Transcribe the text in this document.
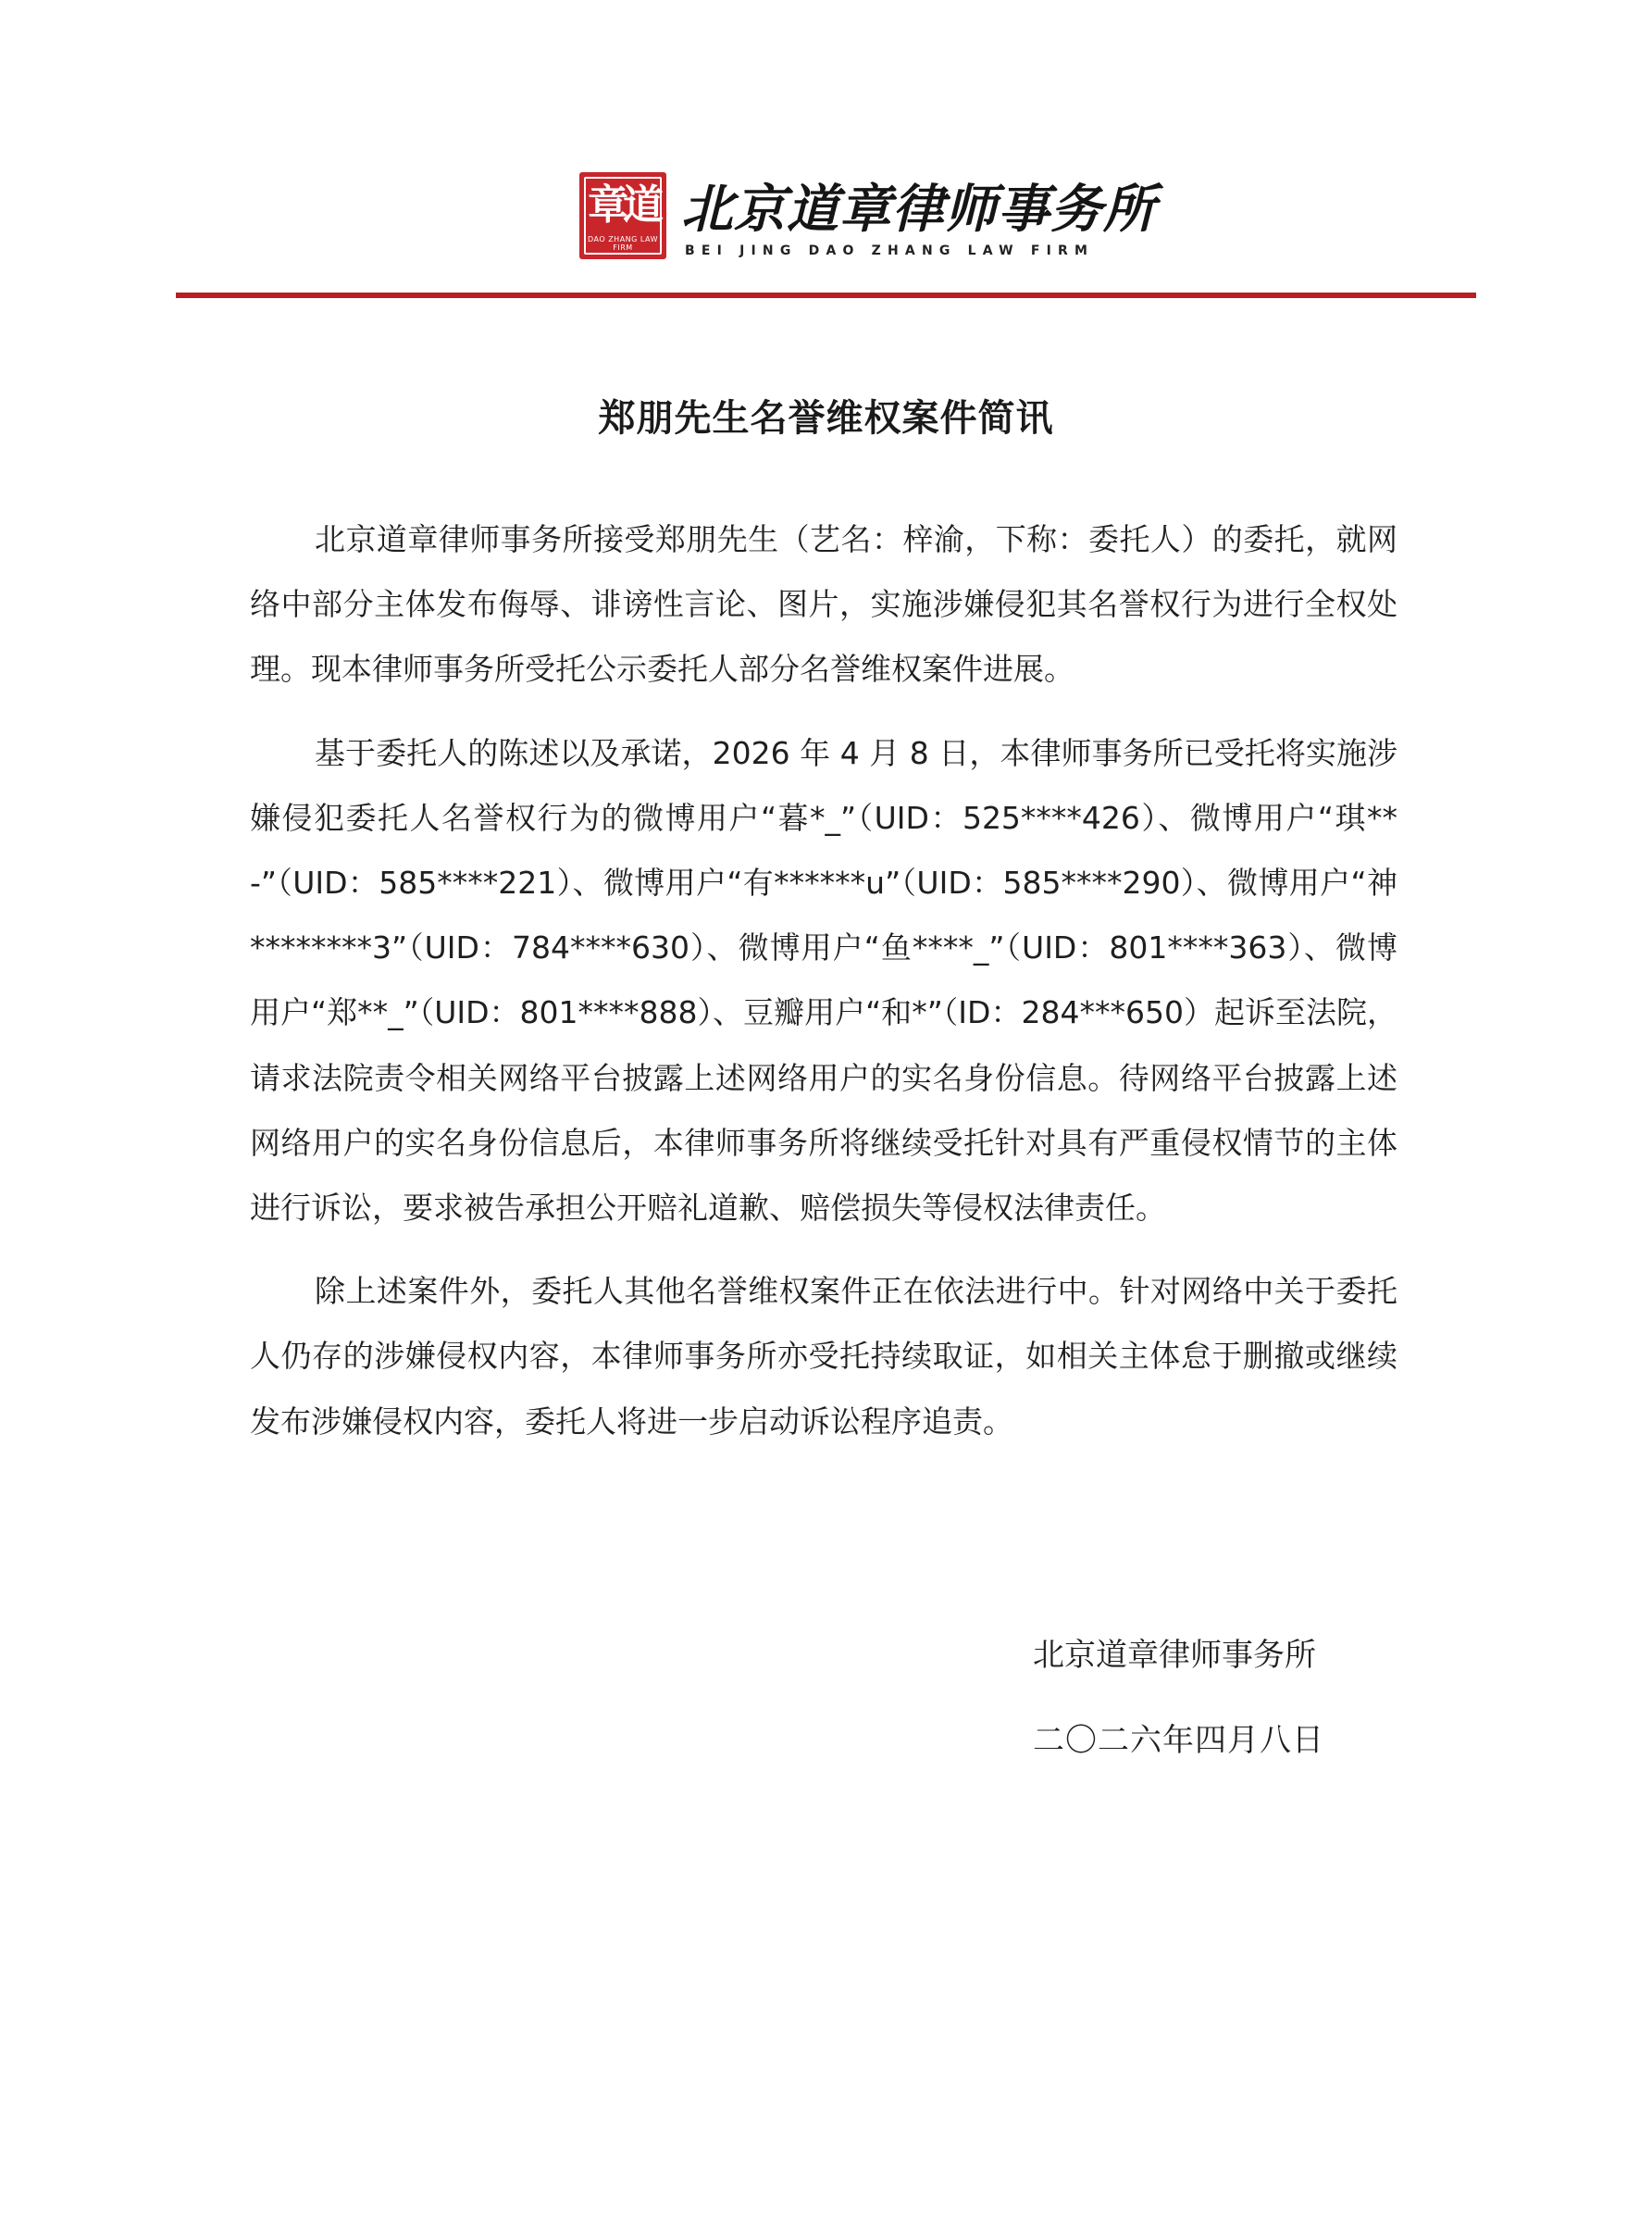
章道
DAO ZHANG LAW FIRM
北京道章律师事务所
BEI JING DAO ZHANG LAW FIRM
郑朋先生名誉维权案件简讯

北京道章律师事务所接受郑朋先生（艺名：梓渝，下称：委托人）的委托，就网络中部分主体发布侮辱、诽谤性言论、图片，实施涉嫌侵犯其名誉权行为进行全权处理。现本律师事务所受托公示委托人部分名誉维权案件进展。

基于委托人的陈述以及承诺，2026 年 4 月 8 日，本律师事务所已受托将实施涉嫌侵犯委托人名誉权行为的微博用户“暮*_”（UID：525****426）、微博用户“琪**-”（UID：585****221）、微博用户“有******u”（UID：585****290）、微博用户“神********3”（UID：784****630）、微博用户“鱼****_”（UID：801****363）、微博用户“郑**_”（UID：801****888）、豆瓣用户“和*”（ID：284***650）起诉至法院，请求法院责令相关网络平台披露上述网络用户的实名身份信息。待网络平台披露上述网络用户的实名身份信息后，本律师事务所将继续受托针对具有严重侵权情节的主体进行诉讼，要求被告承担公开赔礼道歉、赔偿损失等侵权法律责任。

除上述案件外，委托人其他名誉维权案件正在依法进行中。针对网络中关于委托人仍存的涉嫌侵权内容，本律师事务所亦受托持续取证，如相关主体怠于删撤或继续发布涉嫌侵权内容，委托人将进一步启动诉讼程序追责。

北京道章律师事务所
二〇二六年四月八日
